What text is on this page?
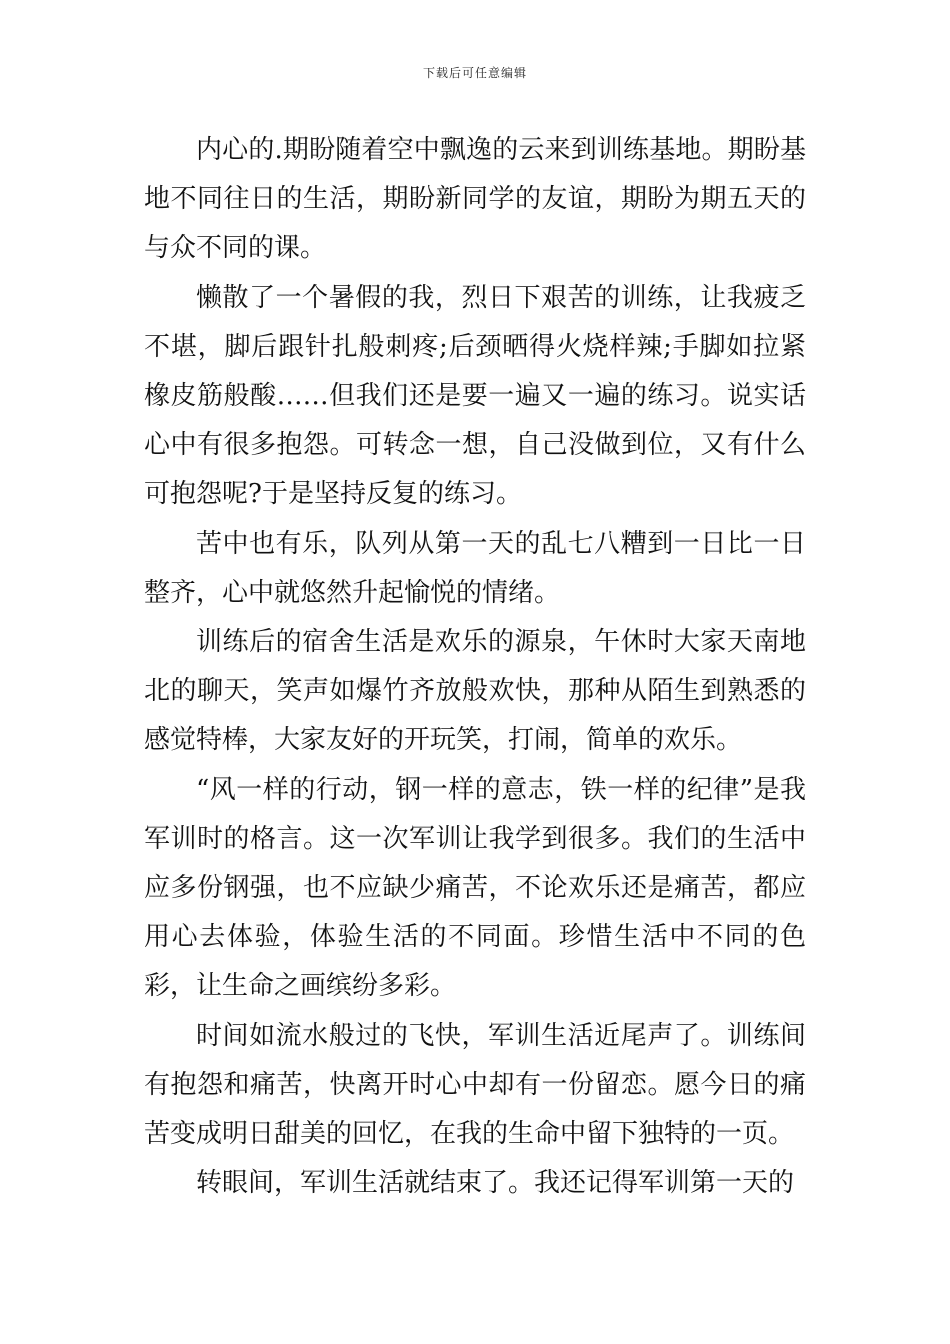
下载后可任意编辑

内心的.期盼随着空中飘逸的云来到训练基地。期盼基地不同往日的生活，期盼新同学的友谊，期盼为期五天的与众不同的课。

懒散了一个暑假的我，烈日下艰苦的训练，让我疲乏不堪，脚后跟针扎般刺疼;后颈晒得火烧样辣;手脚如拉紧橡皮筋般酸……但我们还是要一遍又一遍的练习。说实话心中有很多抱怨。可转念一想，自己没做到位，又有什么可抱怨呢?于是坚持反复的练习。

苦中也有乐，队列从第一天的乱七八糟到一日比一日整齐，心中就悠然升起愉悦的情绪。

训练后的宿舍生活是欢乐的源泉，午休时大家天南地北的聊天，笑声如爆竹齐放般欢快，那种从陌生到熟悉的感觉特棒，大家友好的开玩笑，打闹，简单的欢乐。

“风一样的行动，钢一样的意志，铁一样的纪律”是我军训时的格言。这一次军训让我学到很多。我们的生活中应多份钢强，也不应缺少痛苦，不论欢乐还是痛苦，都应用心去体验，体验生活的不同面。珍惜生活中不同的色彩，让生命之画缤纷多彩。

时间如流水般过的飞快，军训生活近尾声了。训练间有抱怨和痛苦，快离开时心中却有一份留恋。愿今日的痛苦变成明日甜美的回忆，在我的生命中留下独特的一页。

转眼间，军训生活就结束了。我还记得军训第一天的
